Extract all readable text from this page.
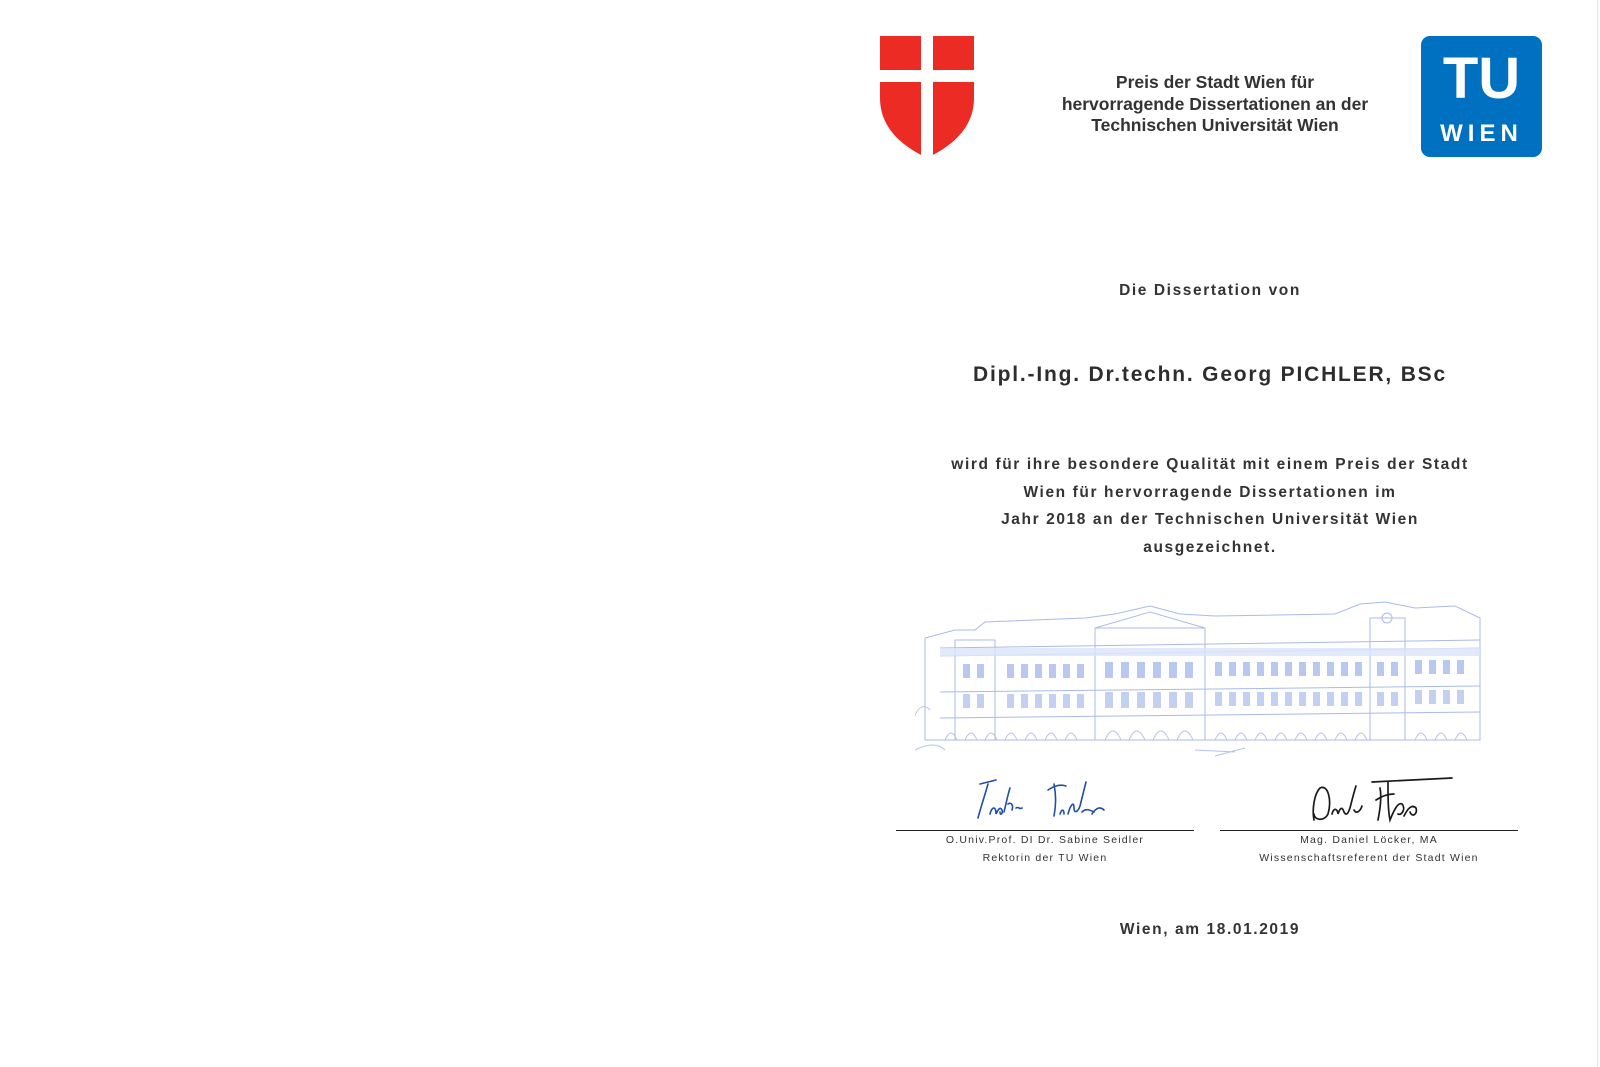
Preis der Stadt Wien für
hervorragende Dissertationen an der
Technischen Universität Wien
TU
WIEN
Die Dissertation von
Dipl.-Ing. Dr.techn. Georg PICHLER, BSc
wird für ihre besondere Qualität mit einem Preis der Stadt
Wien für hervorragende Dissertationen im
Jahr 2018 an der Technischen Universität Wien
ausgezeichnet.
O.Univ.Prof. DI Dr. Sabine Seidler
Rektorin der TU Wien
Mag. Daniel Löcker, MA
Wissenschaftsreferent der Stadt Wien
Wien, am 18.01.2019
